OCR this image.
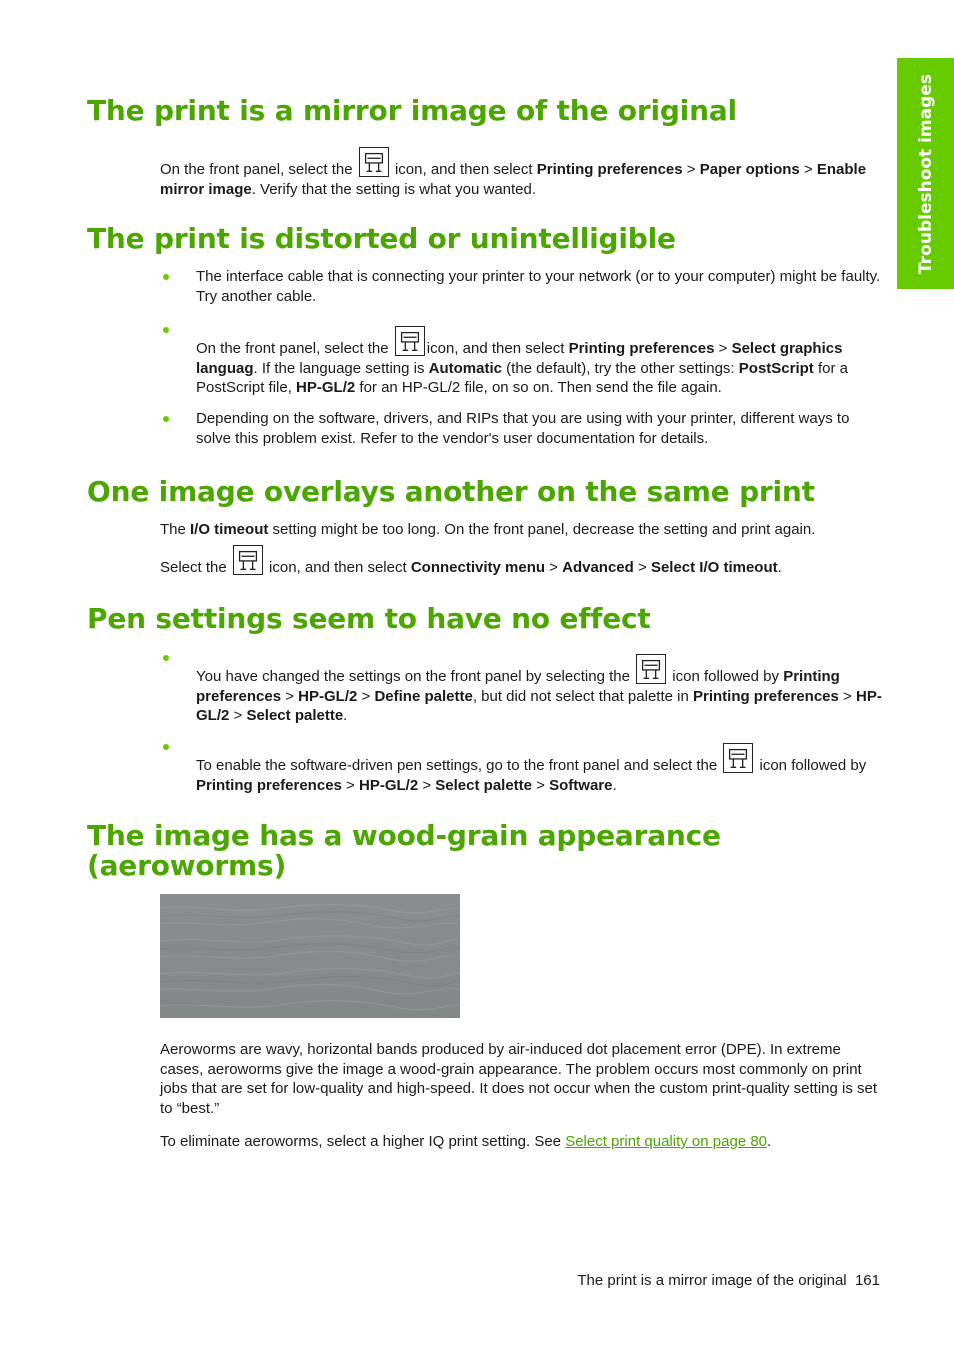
Troubleshoot images
The print is a mirror image of the original

On the front panel, select the
icon, and then select Printing preferences > Paper options > Enable mirror image. Verify that the setting is what you wanted.

The print is distorted or unintelligible

The interface cable that is connecting your printer to your network (or to your computer) might be faulty. Try another cable.

On the front panel, select the
icon, and then select Printing preferences > Select graphics languag. If the language setting is Automatic (the default), try the other settings: PostScript for a PostScript file, HP-GL/2 for an HP-GL/2 file, on so on. Then send the file again.

Depending on the software, drivers, and RIPs that you are using with your printer, different ways to solve this problem exist. Refer to the vendor's user documentation for details.

One image overlays another on the same print

The I/O timeout setting might be too long. On the front panel, decrease the setting and print again.

Select the
icon, and then select Connectivity menu > Advanced > Select I/O timeout.

Pen settings seem to have no effect

You have changed the settings on the front panel by selecting the
icon followed by Printing preferences > HP-GL/2 > Define palette, but did not select that palette in Printing preferences > HP-GL/2 > Select palette.

To enable the software-driven pen settings, go to the front panel and select the
icon followed by Printing preferences > HP-GL/2 > Select palette > Software.

The image has a wood-grain appearance
(aeroworms)

Aeroworms are wavy, horizontal bands produced by air-induced dot placement error (DPE). In extreme cases, aeroworms give the image a wood-grain appearance. The problem occurs most commonly on print jobs that are set for low-quality and high-speed. It does not occur when the custom print-quality setting is set to “best.”

To eliminate aeroworms, select a higher IQ print setting. See Select print quality on page 80.

The print is a mirror image of the original 161
